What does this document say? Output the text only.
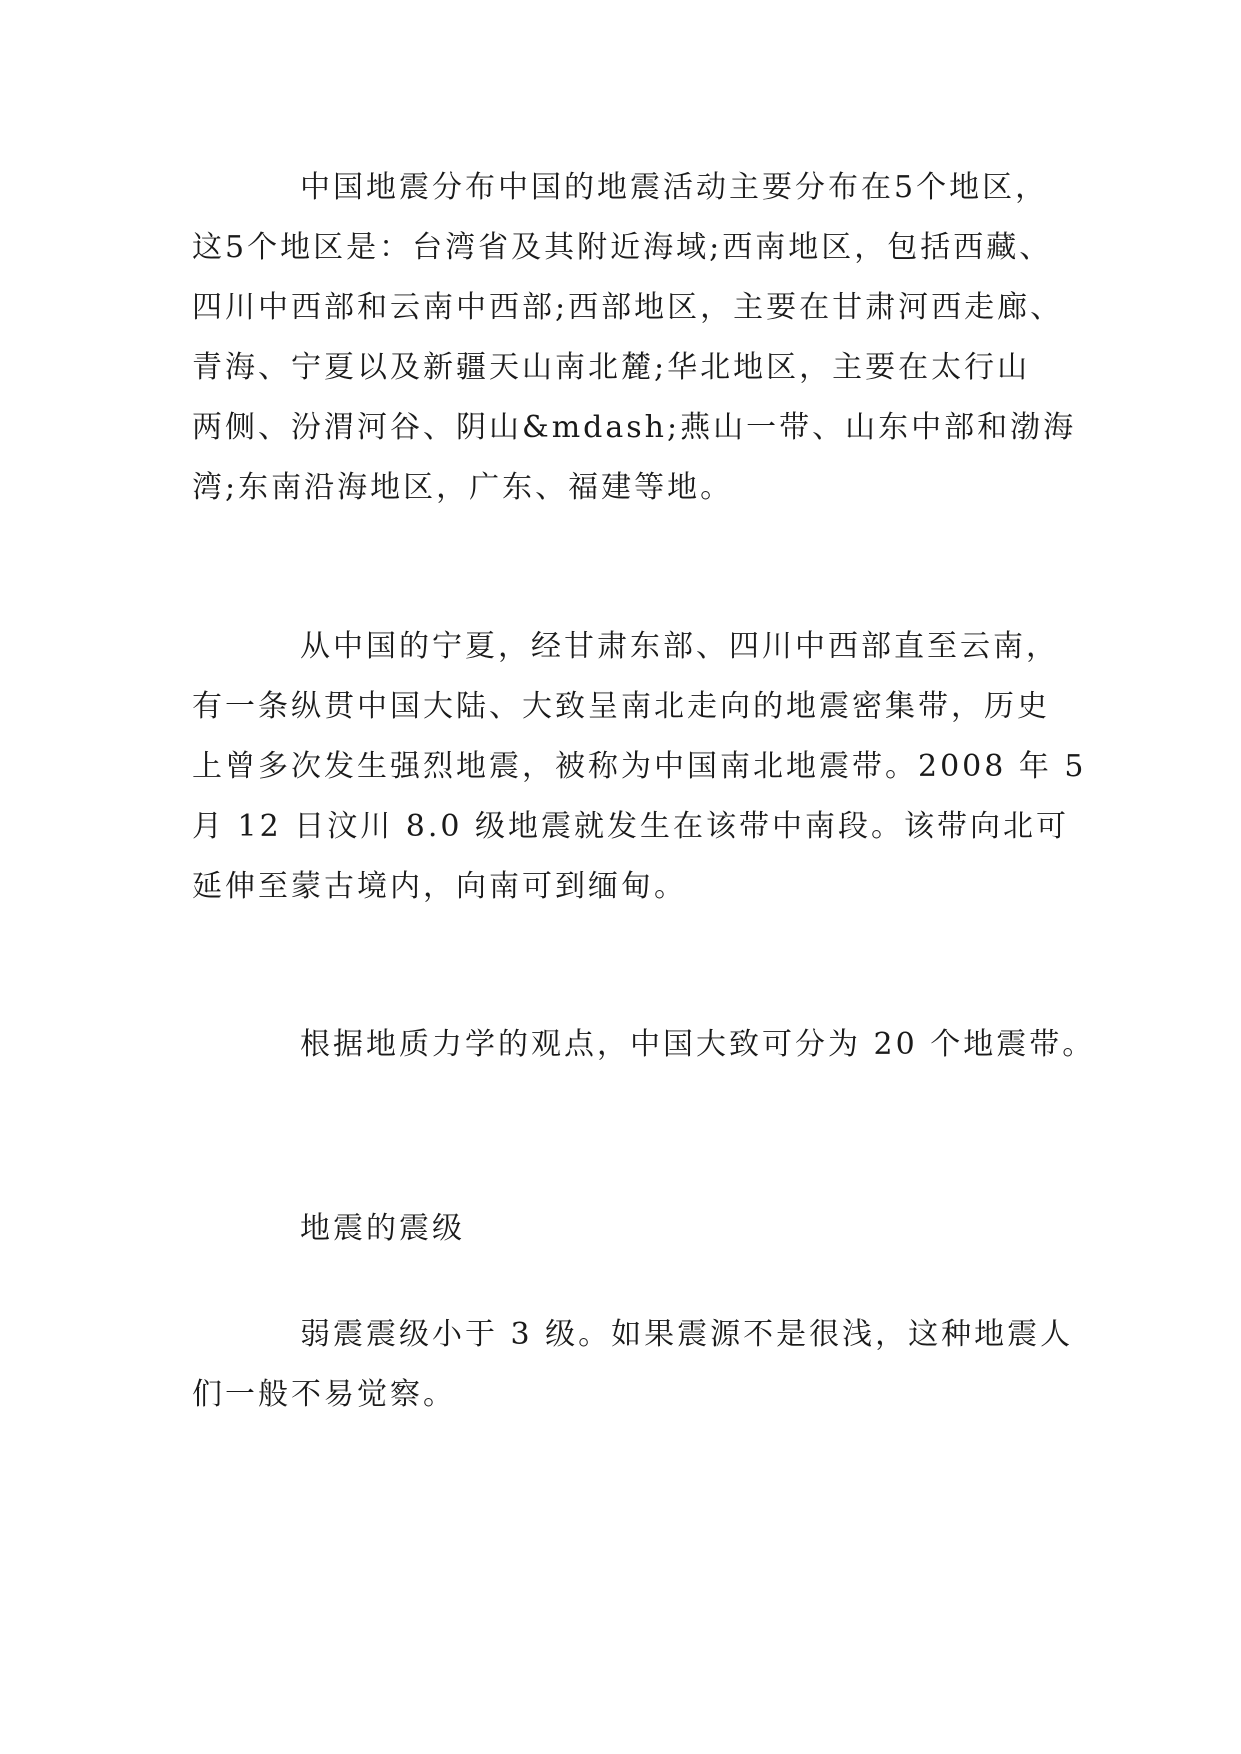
中国地震分布中国的地震活动主要分布在5个地区，
这5个地区是：台湾省及其附近海域;西南地区，包括西藏、
四川中西部和云南中西部;西部地区，主要在甘肃河西走廊、
青海、宁夏以及新疆天山南北麓;华北地区，主要在太行山
两侧、汾渭河谷、阴山&mdash;燕山一带、山东中部和渤海
湾;东南沿海地区，广东、福建等地。
从中国的宁夏，经甘肃东部、四川中西部直至云南，
有一条纵贯中国大陆、大致呈南北走向的地震密集带，历史
上曾多次发生强烈地震，被称为中国南北地震带。2008 年 5
月 12 日汶川 8.0 级地震就发生在该带中南段。该带向北可
延伸至蒙古境内，向南可到缅甸。
根据地质力学的观点，中国大致可分为 20 个地震带。
地震的震级
弱震震级小于 3 级。如果震源不是很浅，这种地震人
们一般不易觉察。
